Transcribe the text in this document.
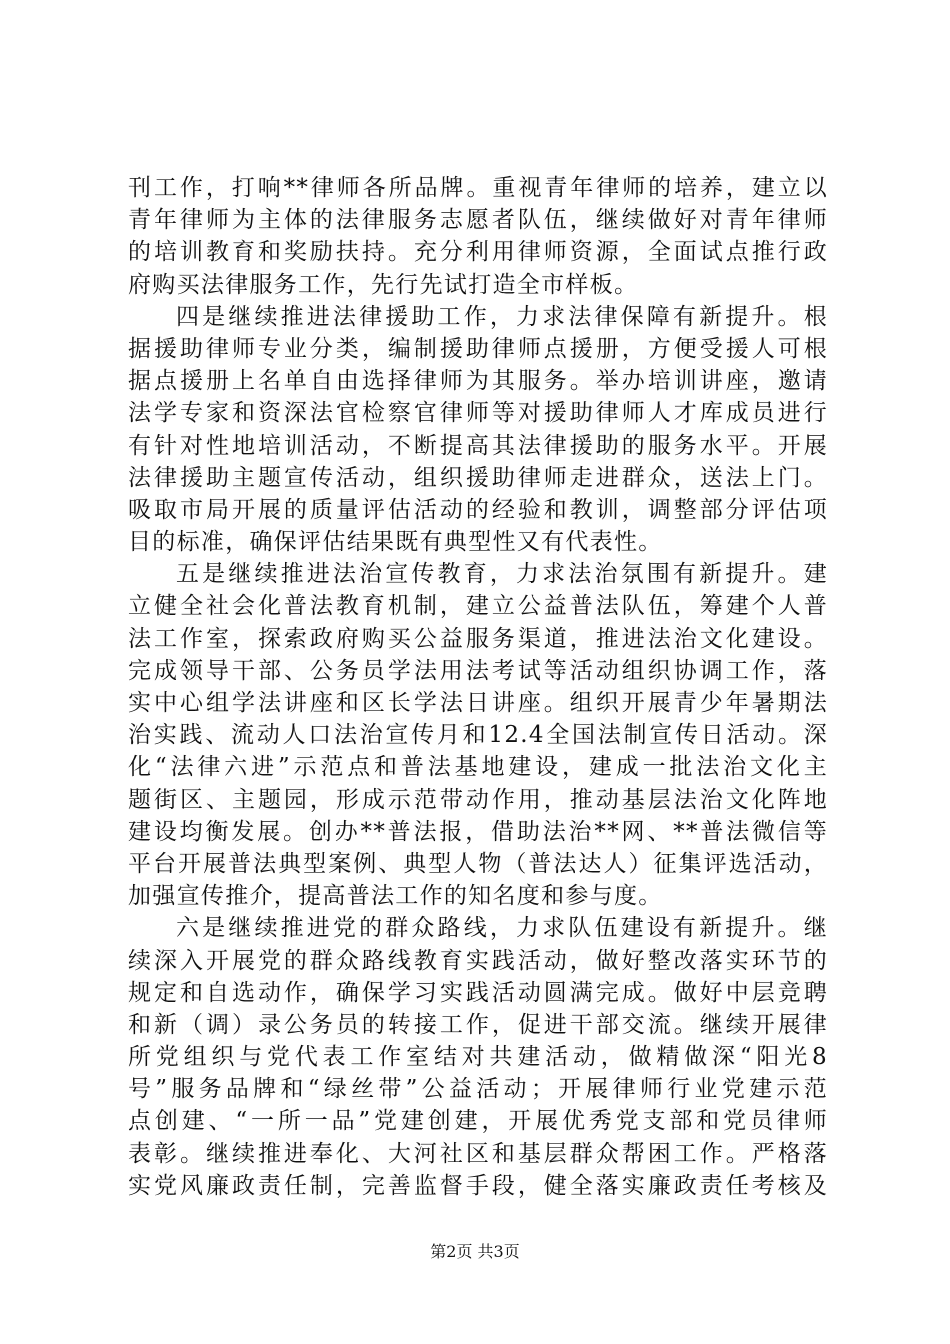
刊工作，打响**律师各所品牌。重视青年律师的培养，建立以
青年律师为主体的法律服务志愿者队伍，继续做好对青年律师
的培训教育和奖励扶持。充分利用律师资源，全面试点推行政
府购买法律服务工作，先行先试打造全市样板。
四是继续推进法律援助工作，力求法律保障有新提升。根
据援助律师专业分类，编制援助律师点援册，方便受援人可根
据点援册上名单自由选择律师为其服务。举办培训讲座，邀请
法学专家和资深法官检察官律师等对援助律师人才库成员进行
有针对性地培训活动，不断提高其法律援助的服务水平。开展
法律援助主题宣传活动，组织援助律师走进群众，送法上门。
吸取市局开展的质量评估活动的经验和教训，调整部分评估项
目的标准，确保评估结果既有典型性又有代表性。
五是继续推进法治宣传教育，力求法治氛围有新提升。建
立健全社会化普法教育机制，建立公益普法队伍，筹建个人普
法工作室，探索政府购买公益服务渠道，推进法治文化建设。
完成领导干部、公务员学法用法考试等活动组织协调工作，落
实中心组学法讲座和区长学法日讲座。组织开展青少年暑期法
治实践、流动人口法治宣传月和12.4全国法制宣传日活动。深
化“法律六进”示范点和普法基地建设，建成一批法治文化主
题街区、主题园，形成示范带动作用，推动基层法治文化阵地
建设均衡发展。创办**普法报，借助法治**网、**普法微信等
平台开展普法典型案例、典型人物（普法达人）征集评选活动，
加强宣传推介，提高普法工作的知名度和参与度。
六是继续推进党的群众路线，力求队伍建设有新提升。继
续深入开展党的群众路线教育实践活动，做好整改落实环节的
规定和自选动作，确保学习实践活动圆满完成。做好中层竞聘
和新（调）录公务员的转接工作，促进干部交流。继续开展律
所党组织与党代表工作室结对共建活动，做精做深“阳光8
号”服务品牌和“绿丝带”公益活动；开展律师行业党建示范
点创建、“一所一品”党建创建，开展优秀党支部和党员律师
表彰。继续推进奉化、大河社区和基层群众帮困工作。严格落
实党风廉政责任制，完善监督手段，健全落实廉政责任考核及
第2页 共3页
